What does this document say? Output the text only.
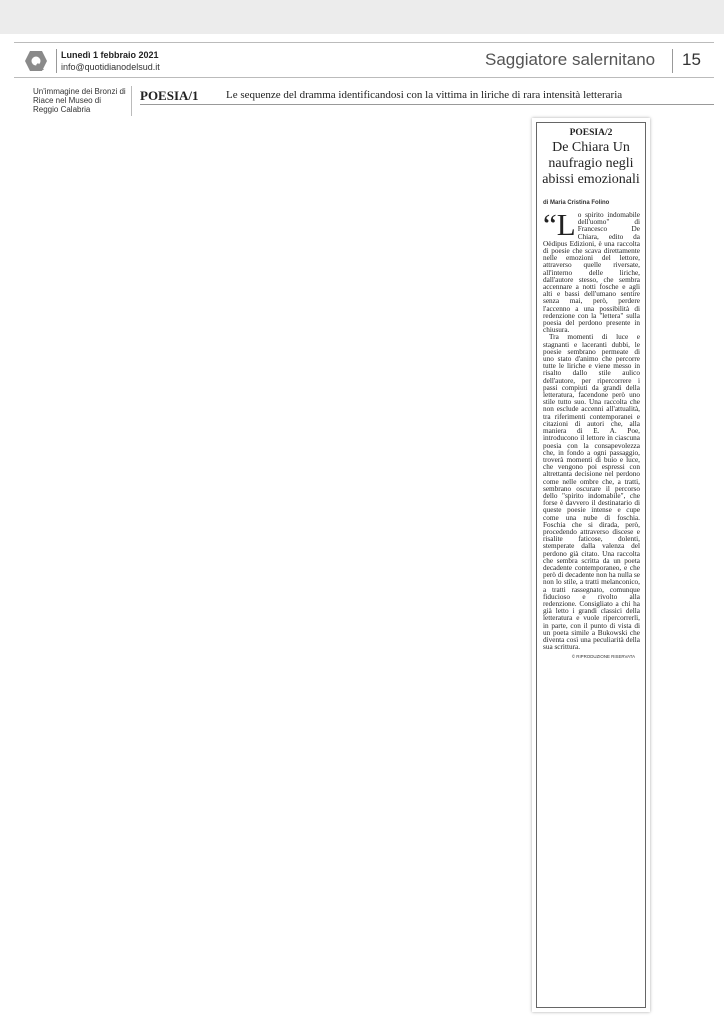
Lunedì 1 febbraio 2021
info@quotidianodelsud.it	Saggiatore salernitano 15
Un'immagine dei Bronzi di Riace nel Museo di Reggio Calabria
POESIA/1 Le sequenze del dramma identificandosi con la vittima in liriche di rara intensità letteraria
POESIA/2
De Chiara Un naufragio negli abissi emozionali
di Maria Cristina Folino

“Lo spirito indomabile dell'uomo" di Francesco De Chiara, edito da Oèdipus Edizioni, è una raccolta di poesie che scava direttamente nelle emozioni del lettore, attraverso quelle riversate, all'interno delle liriche, dall'autore stesso, che sembra accennare a notti fosche e agli alti e bassi dell'umano sentire senza mai, però, perdere l'accenno a una possibilità di redenzione con la "lettera" sulla poesia del perdono presente in chiusura.

Tra momenti di luce e stagnanti e laceranti dubbi, le poesie sembrano permeate di uno stato d'animo che percorre tutte le liriche e viene messo in risalto dallo stile aulico dell'autore, per ripercorrere i passi compiuti da grandi della letteratura, facendone però uno stile tutto suo. Una raccolta che non esclude accenni all'attualità, tra riferimenti contemporanei e citazioni di autori che, alla maniera di E. A. Poe, introducono il lettore in ciascuna poesia con la consapevolezza che, in fondo a ogni passaggio, troverà momenti di buio e luce, che vengono poi espressi con altrettanta decisione nel perdono come nelle ombre che, a tratti, sembrano oscurare il percorso dello "spirito indomabile", che forse è davvero il destinatario di queste poesie intense e cupe come una nube di foschia. Foschia che si dirada, però, procedendo attraverso discese e risalite faticose, dolenti, stemperate dalla valenza del perdono già citato. Una raccolta che sembra scritta da un poeta decadente contemporaneo, e che però di decadente non ha nulla se non lo stile, a tratti melanconico, a tratti rassegnato, comunque fiducioso e rivolto alla redenzione. Consigliato a chi ha già letto i grandi classici della letteratura e vuole ripercorrerli, in parte, con il punto di vista di un poeta simile a Bukowski che diventa così una peculiarità della sua scrittura.

© RIPRODUZIONE RISERVATA
